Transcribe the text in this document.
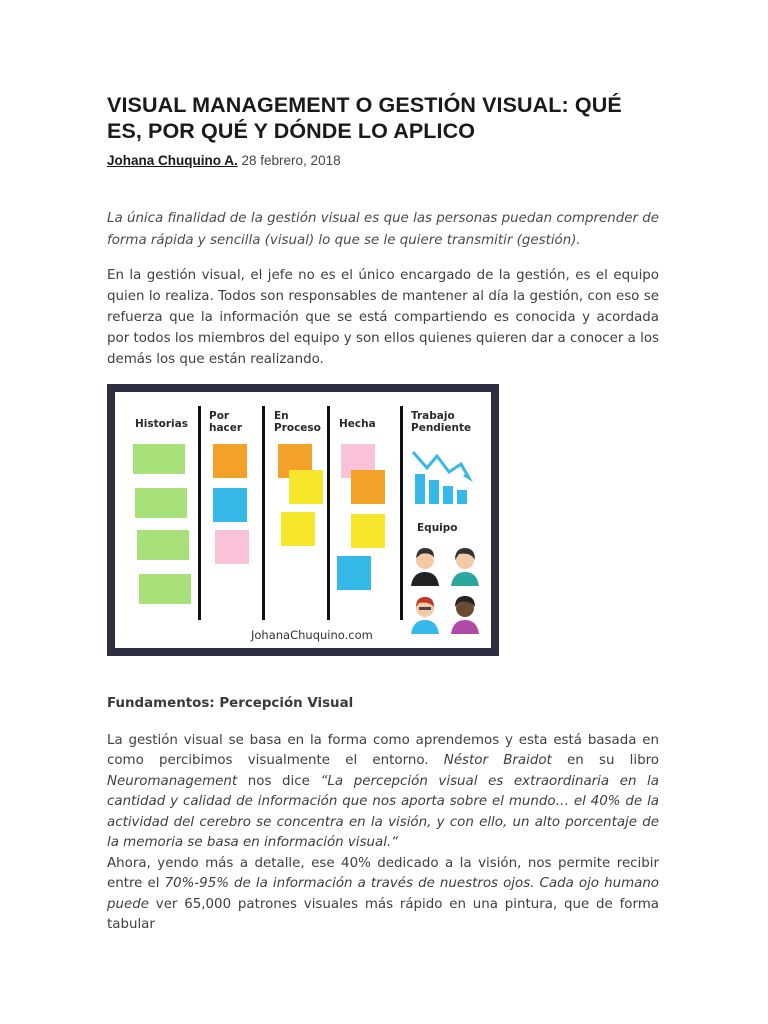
VISUAL MANAGEMENT O GESTIÓN VISUAL: QUÉ ES, POR QUÉ Y DÓNDE LO APLICO
Johana Chuquino A. 28 febrero, 2018

La única finalidad de la gestión visual es que las personas puedan comprender de forma rápida y sencilla (visual) lo que se le quiere transmitir (gestión).

En la gestión visual, el jefe no es el único encargado de la gestión, es el equipo quien lo realiza. Todos son responsables de mantener al día la gestión, con eso se refuerza que la información que se está compartiendo es conocida y acordada por todos los miembros del equipo y son ellos quienes quieren dar a conocer a los demás los que están realizando.

Historias
Por hacer
En Proceso Hecha
Trabajo Pendiente
Equipo
JohanaChuquino.com
Fundamentos: Percepción Visual
La gestión visual se basa en la forma como aprendemos y esta está basada en como percibimos visualmente el entorno. Néstor Braidot en su libro Neuromanagement nos dice “La percepción visual es extraordinaria en la cantidad y calidad de información que nos aporta sobre el mundo… el 40% de la actividad del cerebro se concentra en la visión, y con ello, un alto porcentaje de la memoria se basa en información visual.“
Ahora, yendo más a detalle, ese 40% dedicado a la visión, nos permite recibir entre el 70%-95% de la información a través de nuestros ojos. Cada ojo humano puede ver 65,000 patrones visuales más rápido en una pintura, que de forma tabular
